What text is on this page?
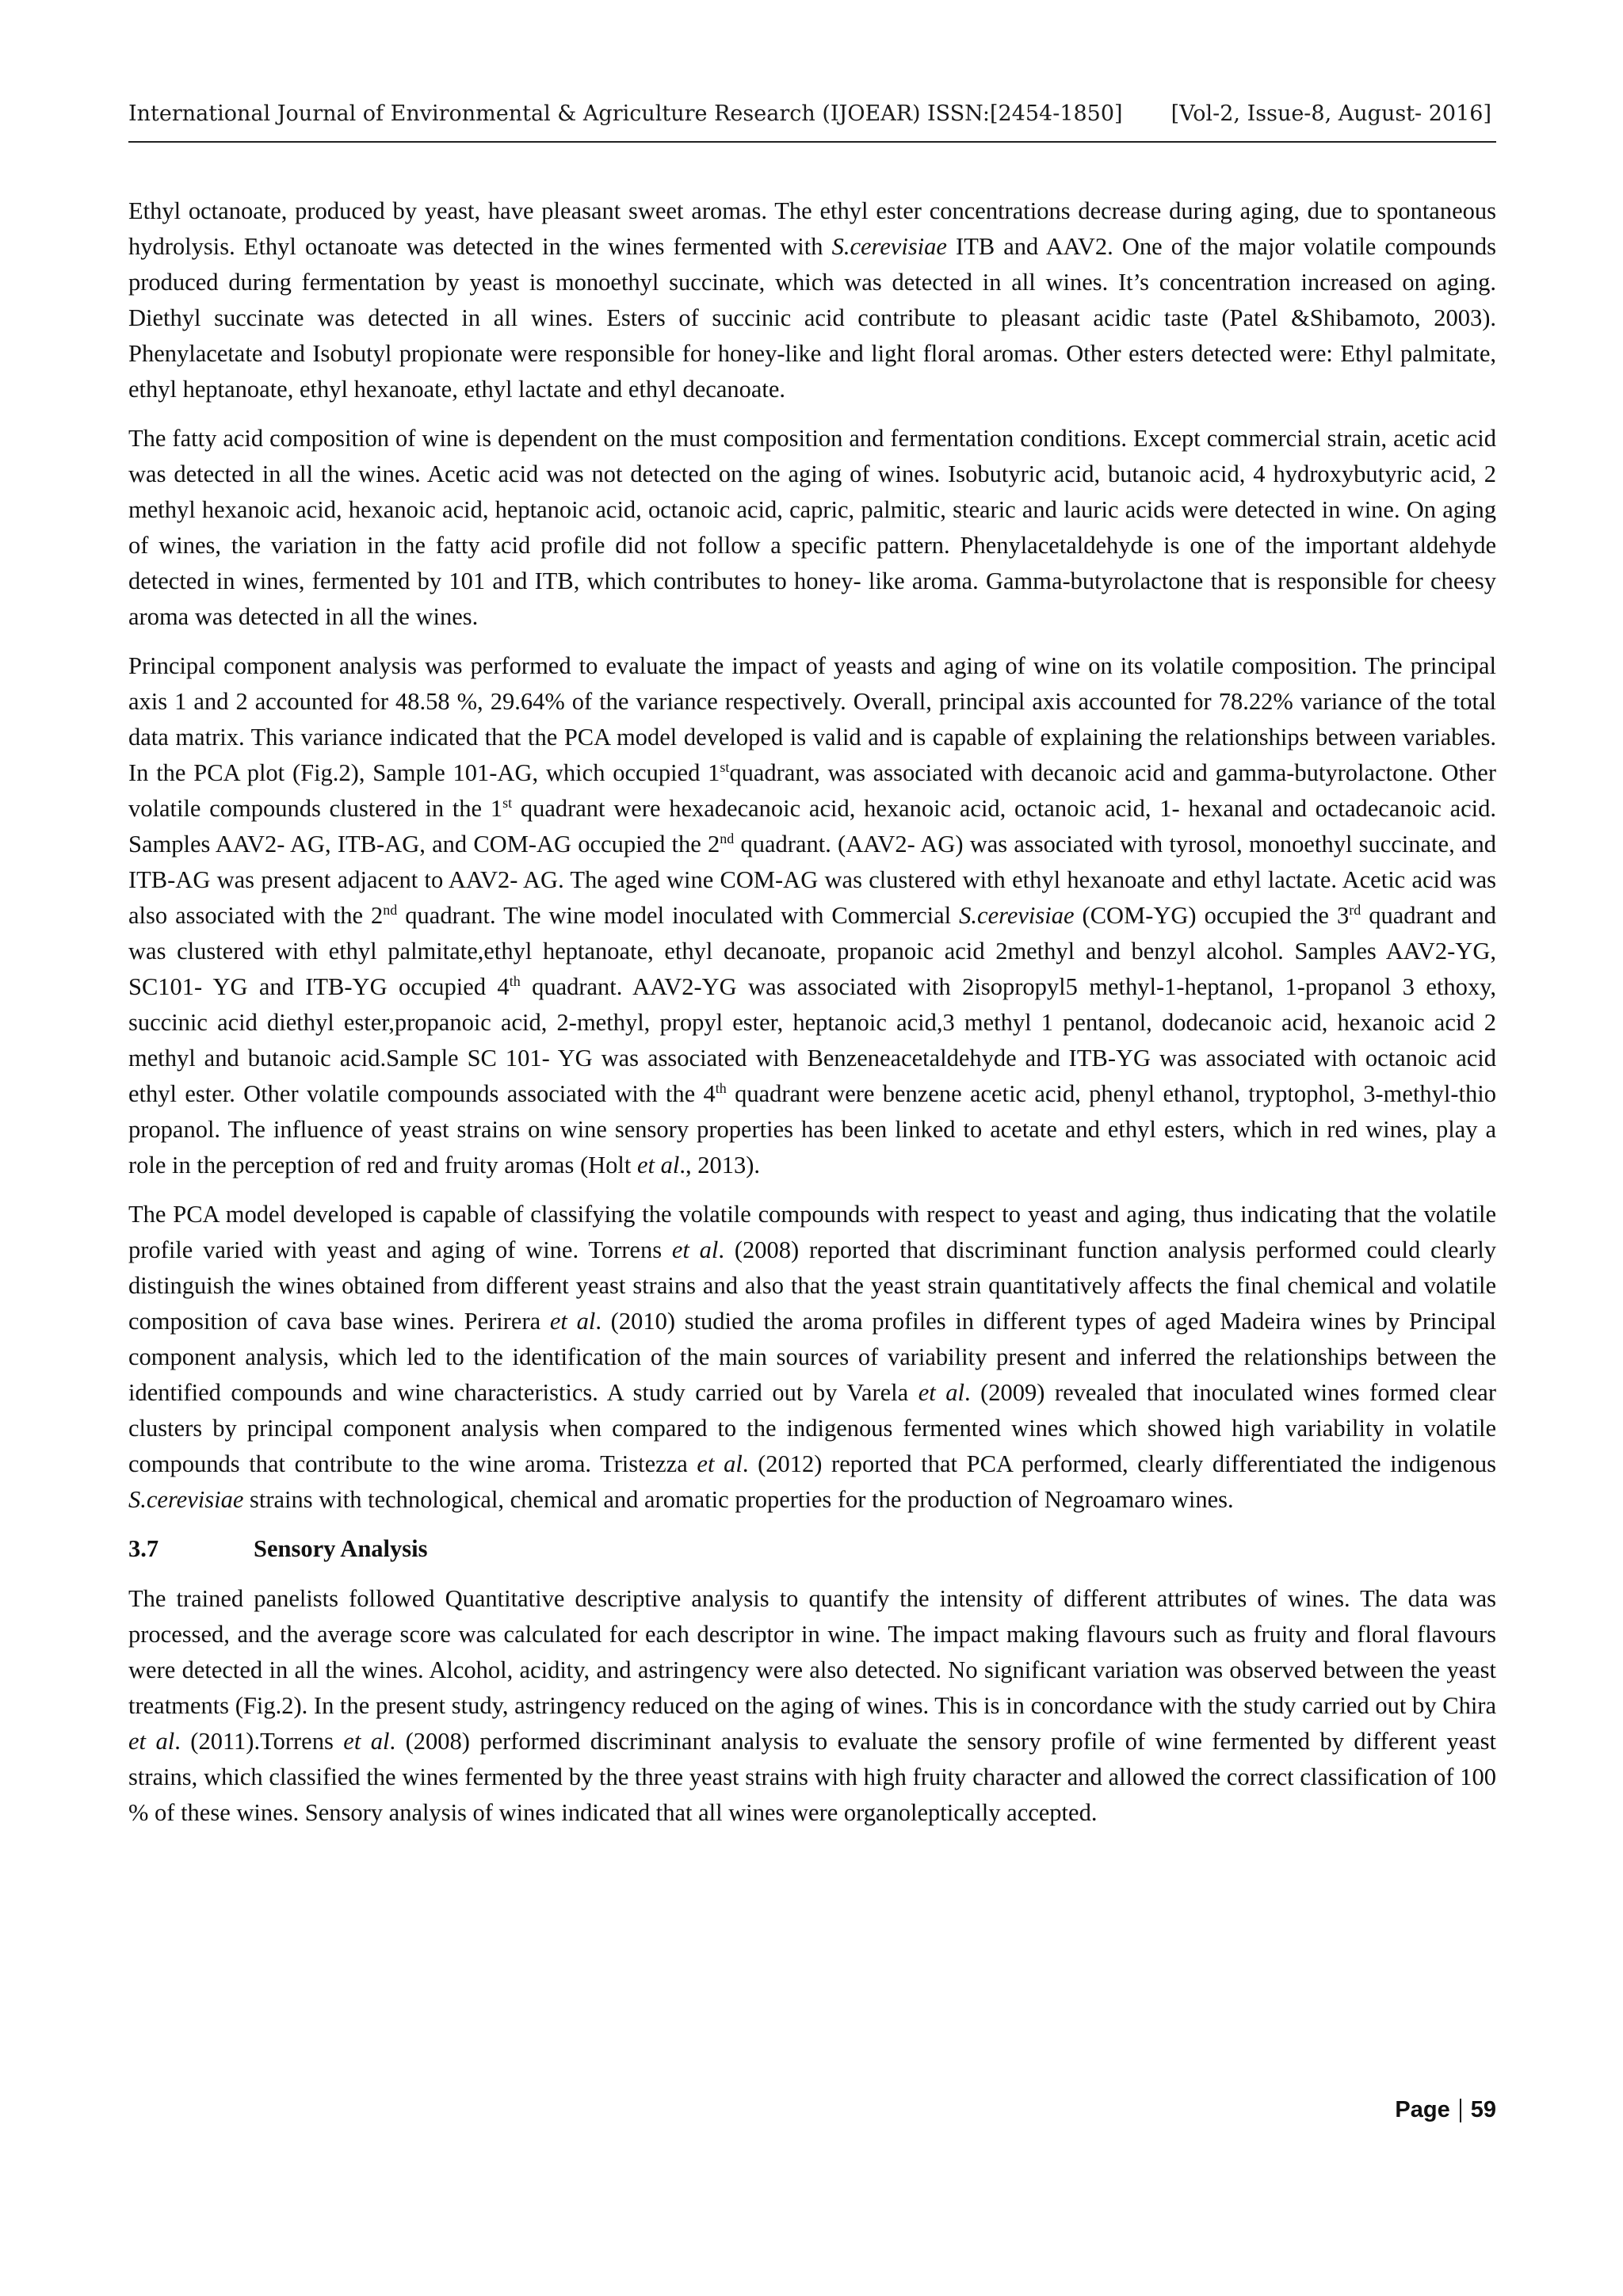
International Journal of Environmental & Agriculture Research (IJOEAR) ISSN:[2454-1850] [Vol-2, Issue-8, August- 2016]

Ethyl octanoate, produced by yeast, have pleasant sweet aromas. The ethyl ester concentrations decrease during aging, due to spontaneous hydrolysis. Ethyl octanoate was detected in the wines fermented with S.cerevisiae ITB and AAV2. One of the major volatile compounds produced during fermentation by yeast is monoethyl succinate, which was detected in all wines. It’s concentration increased on aging. Diethyl succinate was detected in all wines. Esters of succinic acid contribute to pleasant acidic taste (Patel &Shibamoto, 2003). Phenylacetate and Isobutyl propionate were responsible for honey-like and light floral aromas. Other esters detected were: Ethyl palmitate, ethyl heptanoate, ethyl hexanoate, ethyl lactate and ethyl decanoate.

The fatty acid composition of wine is dependent on the must composition and fermentation conditions. Except commercial strain, acetic acid was detected in all the wines. Acetic acid was not detected on the aging of wines. Isobutyric acid, butanoic acid, 4 hydroxybutyric acid, 2 methyl hexanoic acid, hexanoic acid, heptanoic acid, octanoic acid, capric, palmitic, stearic and lauric acids were detected in wine. On aging of wines, the variation in the fatty acid profile did not follow a specific pattern. Phenylacetaldehyde is one of the important aldehyde detected in wines, fermented by 101 and ITB, which contributes to honey- like aroma. Gamma-butyrolactone that is responsible for cheesy aroma was detected in all the wines.

Principal component analysis was performed to evaluate the impact of yeasts and aging of wine on its volatile composition. The principal axis 1 and 2 accounted for 48.58 %, 29.64% of the variance respectively. Overall, principal axis accounted for 78.22% variance of the total data matrix. This variance indicated that the PCA model developed is valid and is capable of explaining the relationships between variables. In the PCA plot (Fig.2), Sample 101-AG, which occupied 1stquadrant, was associated with decanoic acid and gamma-butyrolactone. Other volatile compounds clustered in the 1st quadrant were hexadecanoic acid, hexanoic acid, octanoic acid, 1- hexanal and octadecanoic acid. Samples AAV2- AG, ITB-AG, and COM-AG occupied the 2nd quadrant. (AAV2- AG) was associated with tyrosol, monoethyl succinate, and ITB-AG was present adjacent to AAV2- AG. The aged wine COM-AG was clustered with ethyl hexanoate and ethyl lactate. Acetic acid was also associated with the 2nd quadrant. The wine model inoculated with Commercial S.cerevisiae (COM-YG) occupied the 3rd quadrant and was clustered with ethyl palmitate,ethyl heptanoate, ethyl decanoate, propanoic acid 2methyl and benzyl alcohol. Samples AAV2-YG, SC101- YG and ITB-YG occupied 4th quadrant. AAV2-YG was associated with 2isopropyl5 methyl-1-heptanol, 1-propanol 3 ethoxy, succinic acid diethyl ester,propanoic acid, 2-methyl, propyl ester, heptanoic acid,3 methyl 1 pentanol, dodecanoic acid, hexanoic acid 2 methyl and butanoic acid.Sample SC 101- YG was associated with Benzeneacetaldehyde and ITB-YG was associated with octanoic acid ethyl ester. Other volatile compounds associated with the 4th quadrant were benzene acetic acid, phenyl ethanol, tryptophol, 3-methyl-thio propanol. The influence of yeast strains on wine sensory properties has been linked to acetate and ethyl esters, which in red wines, play a role in the perception of red and fruity aromas (Holt et al., 2013).

The PCA model developed is capable of classifying the volatile compounds with respect to yeast and aging, thus indicating that the volatile profile varied with yeast and aging of wine. Torrens et al. (2008) reported that discriminant function analysis performed could clearly distinguish the wines obtained from different yeast strains and also that the yeast strain quantitatively affects the final chemical and volatile composition of cava base wines. Perirera et al. (2010) studied the aroma profiles in different types of aged Madeira wines by Principal component analysis, which led to the identification of the main sources of variability present and inferred the relationships between the identified compounds and wine characteristics. A study carried out by Varela et al. (2009) revealed that inoculated wines formed clear clusters by principal component analysis when compared to the indigenous fermented wines which showed high variability in volatile compounds that contribute to the wine aroma. Tristezza et al. (2012) reported that PCA performed, clearly differentiated the indigenous S.cerevisiae strains with technological, chemical and aromatic properties for the production of Negroamaro wines.

3.7	Sensory Analysis

The trained panelists followed Quantitative descriptive analysis to quantify the intensity of different attributes of wines. The data was processed, and the average score was calculated for each descriptor in wine. The impact making flavours such as fruity and floral flavours were detected in all the wines. Alcohol, acidity, and astringency were also detected. No significant variation was observed between the yeast treatments (Fig.2). In the present study, astringency reduced on the aging of wines. This is in concordance with the study carried out by Chira et al. (2011).Torrens et al. (2008) performed discriminant analysis to evaluate the sensory profile of wine fermented by different yeast strains, which classified the wines fermented by the three yeast strains with high fruity character and allowed the correct classification of 100 % of these wines. Sensory analysis of wines indicated that all wines were organoleptically accepted.

Page 59
